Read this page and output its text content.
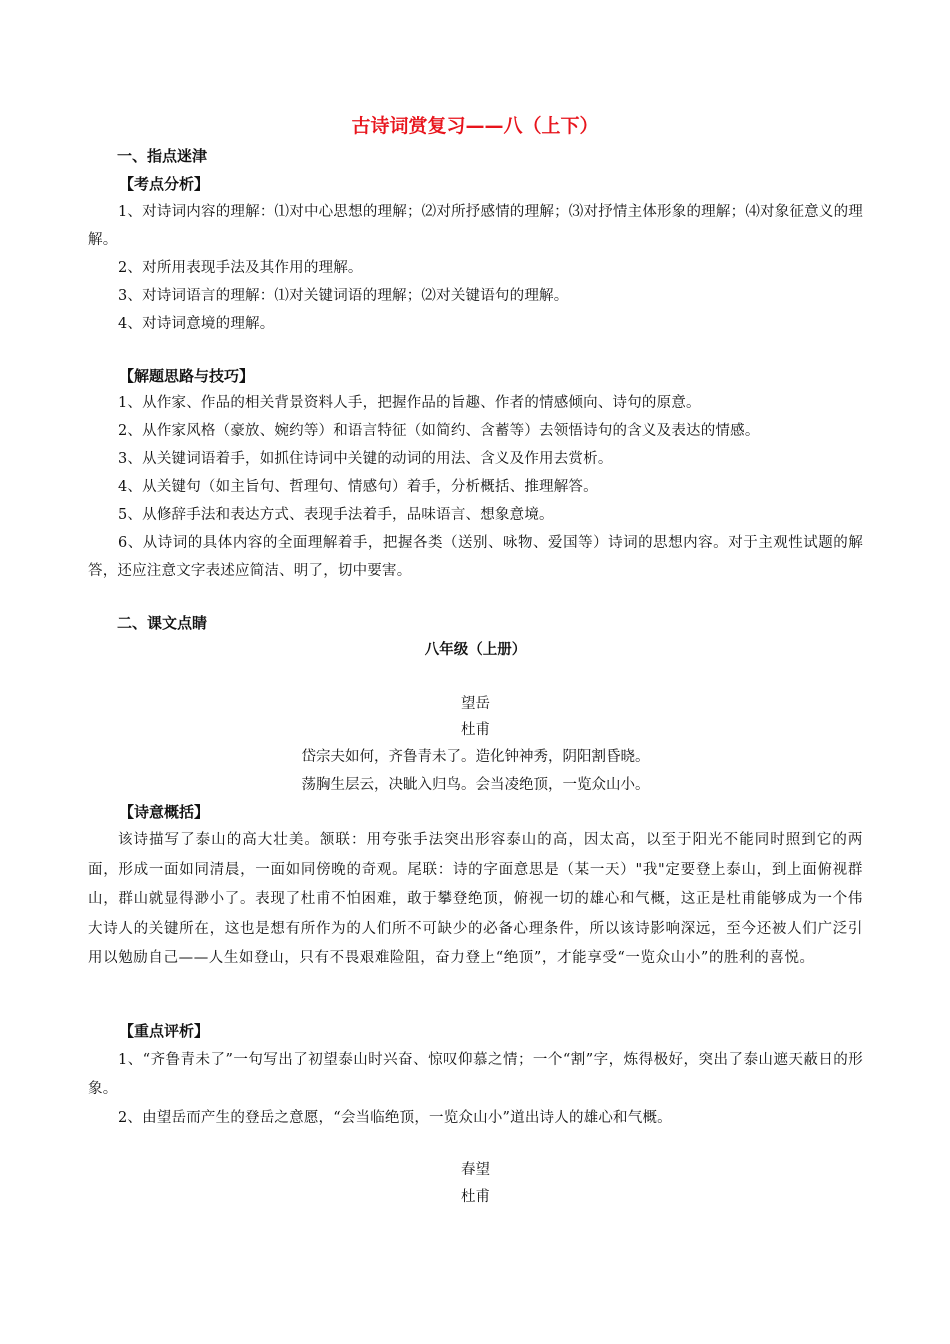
古诗词赏复习——八（上下）
一、指点迷津
【考点分析】

1、对诗词内容的理解：⑴对中心思想的理解；⑵对所抒感情的理解；⑶对抒情主体形象的理解；⑷对象征意义的理解。

2、对所用表现手法及其作用的理解。

3、对诗词语言的理解：⑴对关键词语的理解；⑵对关键语句的理解。

4、对诗词意境的理解。

【解题思路与技巧】

1、从作家、作品的相关背景资料人手，把握作品的旨趣、作者的情感倾向、诗句的原意。

2、从作家风格（豪放、婉约等）和语言特征（如简约、含蓄等）去领悟诗句的含义及表达的情感。

3、从关键词语着手，如抓住诗词中关键的动词的用法、含义及作用去赏析。

4、从关键句（如主旨句、哲理句、情感句）着手，分析概括、推理解答。

5、从修辞手法和表达方式、表现手法着手，品味语言、想象意境。

6、从诗词的具体内容的全面理解着手，把握各类（送别、咏物、爱国等）诗词的思想内容。对于主观性试题的解答，还应注意文字表述应简洁、明了，切中要害。

二、课文点睛
八年级（上册）
望岳
杜甫
岱宗夫如何，齐鲁青未了。造化钟神秀，阴阳割昏晓。
荡胸生层云，决眦入归鸟。会当凌绝顶，一览众山小。
【诗意概括】

该诗描写了泰山的高大壮美。颔联：用夸张手法突出形容泰山的高，因太高，以至于阳光不能同时照到它的两面，形成一面如同清晨，一面如同傍晚的奇观。尾联：诗的字面意思是（某一天）"我"定要登上泰山，到上面俯视群山，群山就显得渺小了。表现了杜甫不怕困难，敢于攀登绝顶，俯视一切的雄心和气概，这正是杜甫能够成为一个伟大诗人的关键所在，这也是想有所作为的人们所不可缺少的必备心理条件，所以该诗影响深远，至今还被人们广泛引用以勉励自己——人生如登山，只有不畏艰难险阻，奋力登上“绝顶”，才能享受“一览众山小”的胜利的喜悦。

【重点评析】

1、“齐鲁青未了”一句写出了初望泰山时兴奋、惊叹仰慕之情；一个“割”字，炼得极好，突出了泰山遮天蔽日的形象。

2、由望岳而产生的登岳之意愿，“会当临绝顶，一览众山小”道出诗人的雄心和气概。

春望
杜甫
